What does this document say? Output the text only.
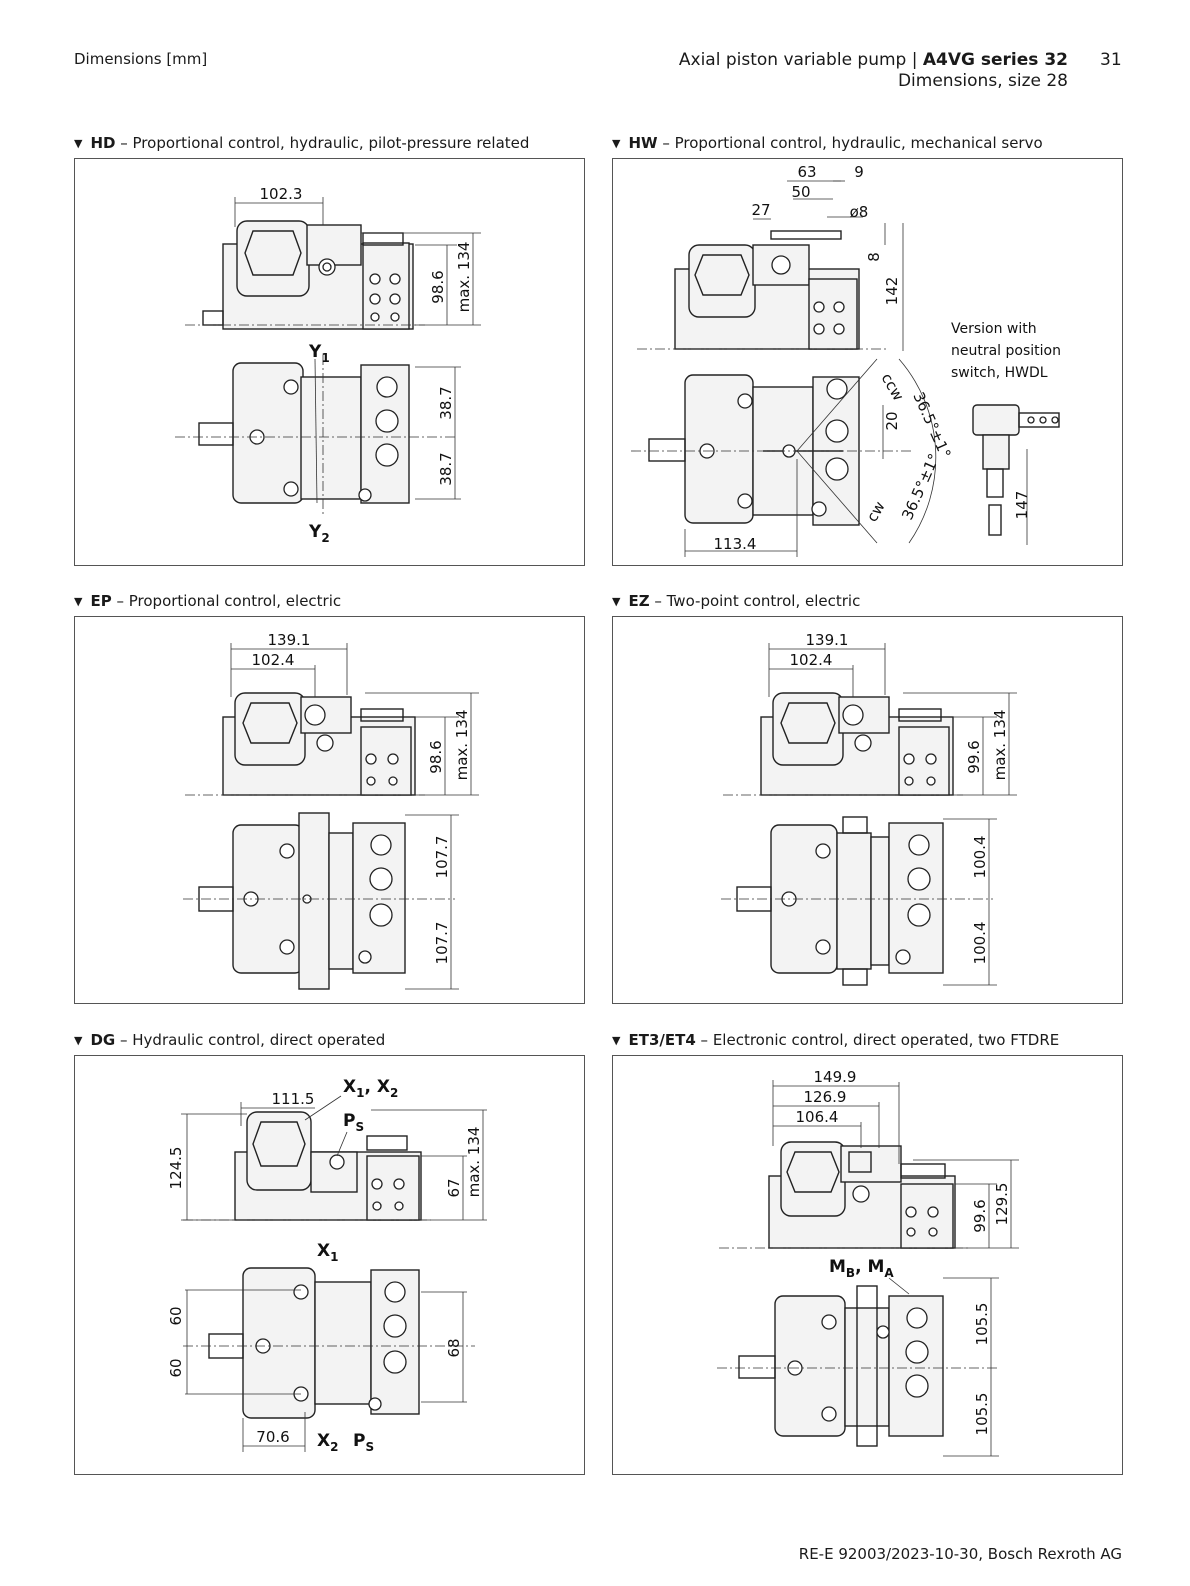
Dimensions [mm]	Axial piston variable pump | A4VG series 32
Dimensions, size 28
31
▼ HD – Proportional control, hydraulic, pilot-pressure related
102.3
98.6 max. 134
38.7
38.7
$Y_1$
$Y_2$
▼ HW – Proportional control, hydraulic, mechanical servo
63	9
50
27	ø8
8
142
20
113.4
147
36.5°±1°
36.5°±1°
ccw
cw
Version with
neutral position
switch, HWDL
▼ EP – Proportional control, electric
139.1
102.4
98.6 max. 134
107.7
107.7
▼ EZ – Two-point control, electric
139.1
102.4
99.6 max. 134
100.4
100.4
▼ DG – Hydraulic control, direct operated
111.5
124.5	67 max. 134
60
60
68
70.6
$X_1$, $X_2$
$P_S$
$X_1$
$X_2$ $P_S$
▼ ET3/ET4 – Electronic control, direct operated, two FTDRE
149.9
126.9
106.4
99.6 129.5
105.5
105.5
$M_B$, $M_A$
RE-E 92003/2023-10-30, Bosch Rexroth AG
